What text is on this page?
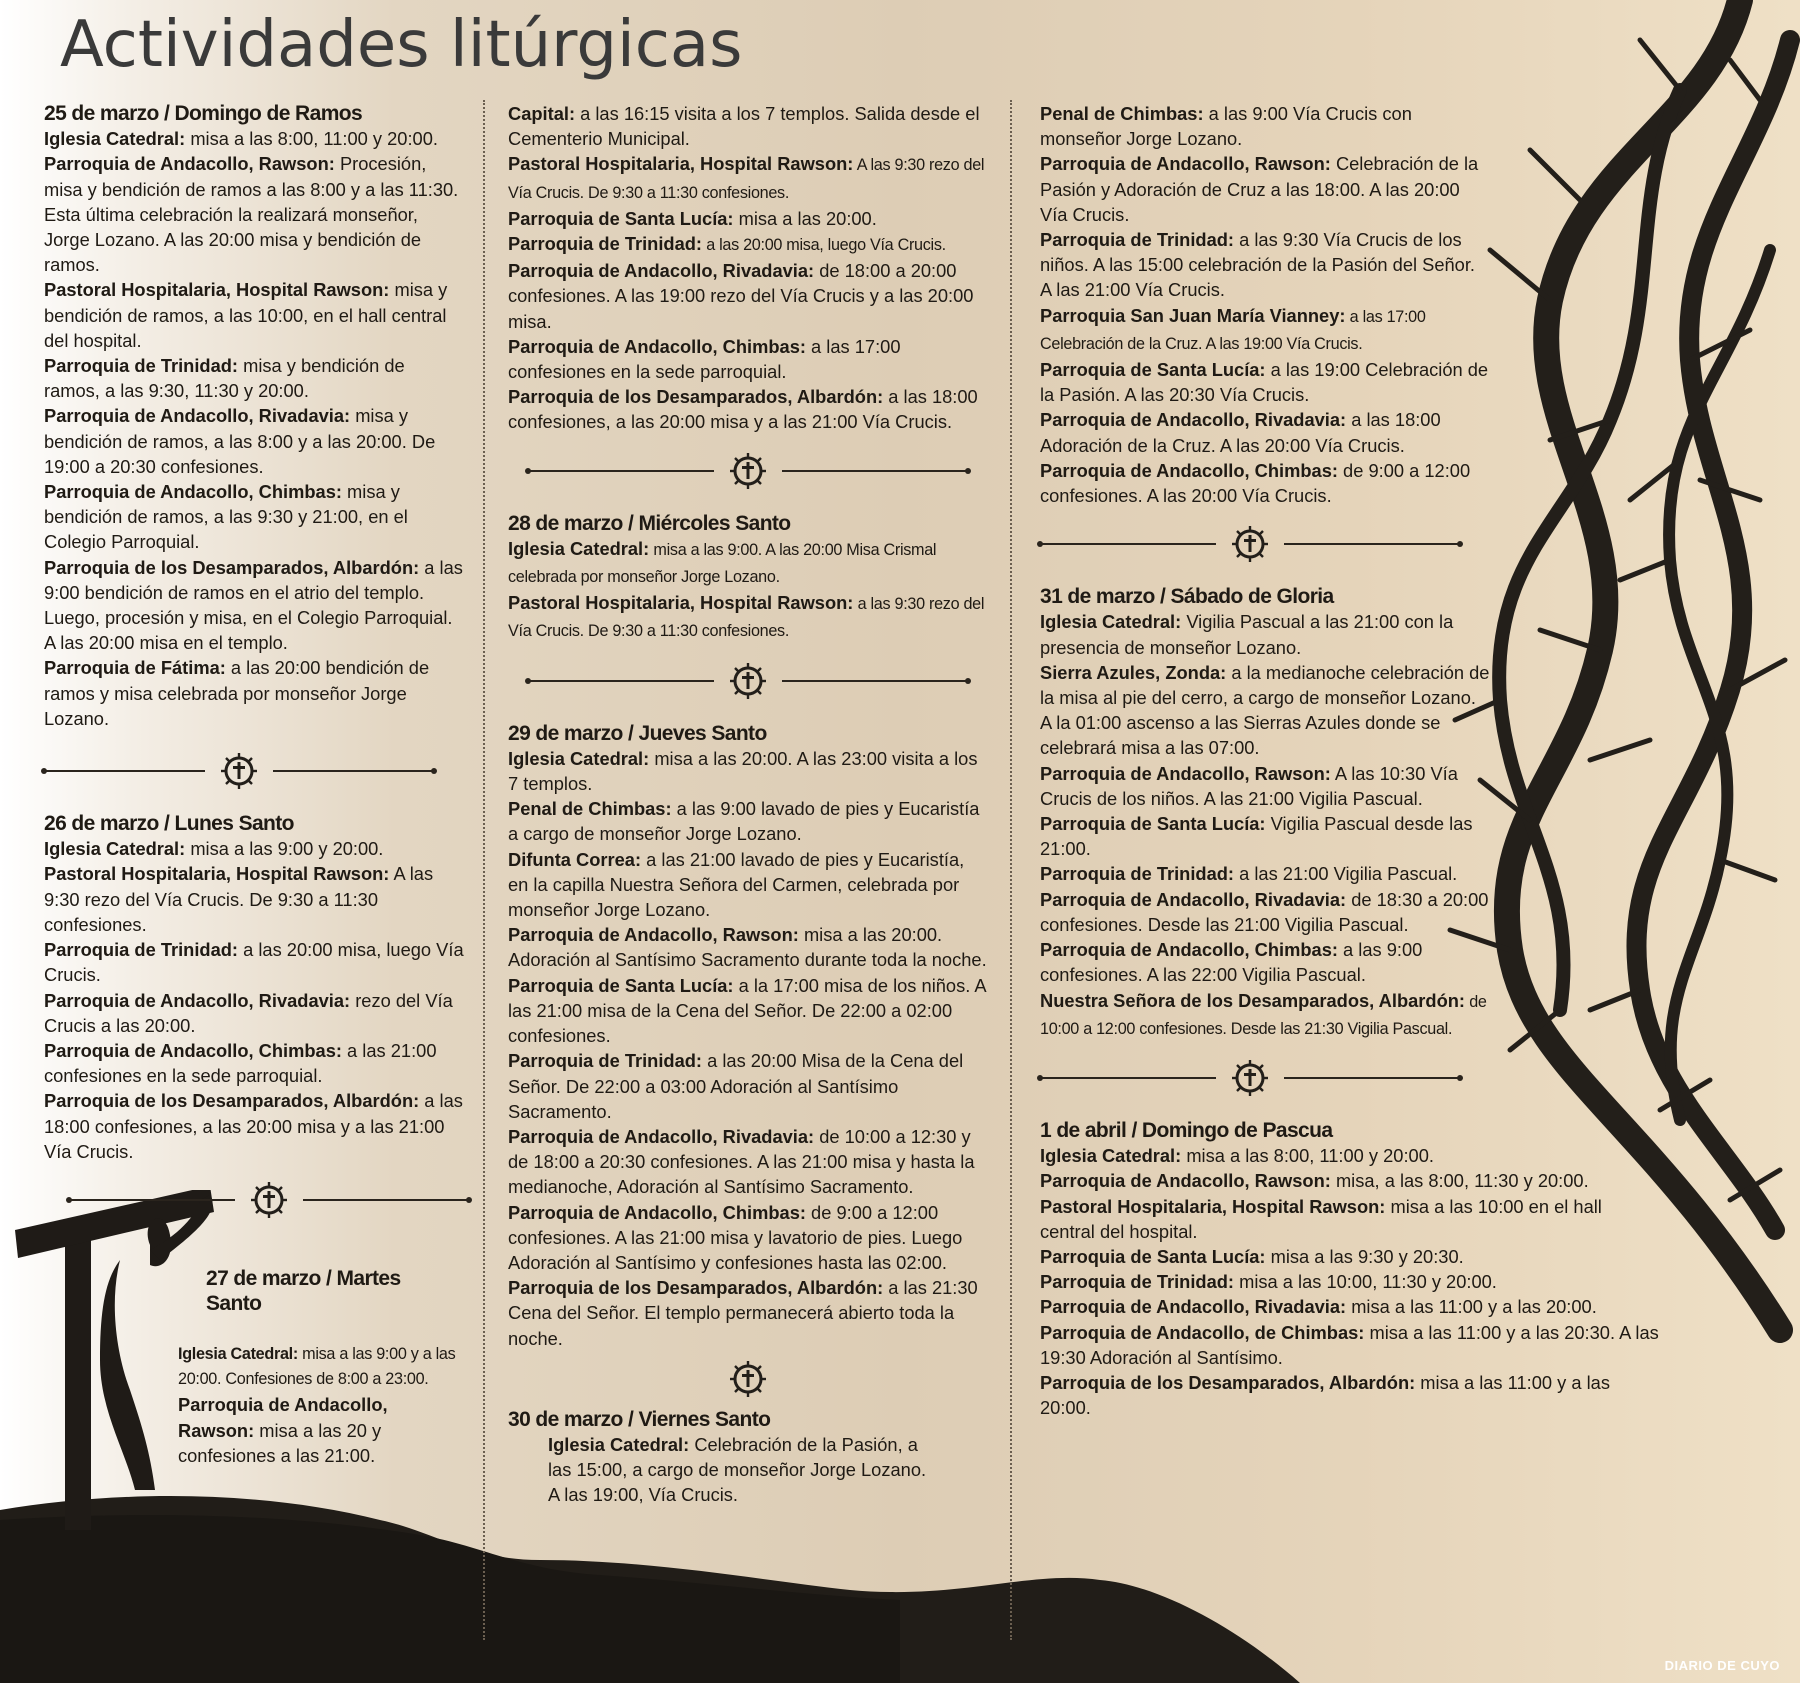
Actividades litúrgicas

25 de marzo / Domingo de Ramos

Iglesia Catedral: misa a las 8:00, 11:00 y 20:00.

Parroquia de Andacollo, Rawson: Procesión, misa y bendición de ramos a las 8:00 y a las 11:30. Esta última celebración la realizará monseñor, Jorge Lozano. A las 20:00 misa y bendición de ramos.

Pastoral Hospitalaria, Hospital Rawson: misa y bendición de ramos, a las 10:00, en el hall central del hospital.

Parroquia de Trinidad: misa y bendición de ramos, a las 9:30, 11:30 y 20:00.

Parroquia de Andacollo, Rivadavia: misa y bendición de ramos, a las 8:00 y a las 20:00. De 19:00 a 20:30 confesiones.

Parroquia de Andacollo, Chimbas: misa y bendición de ramos, a las 9:30 y 21:00, en el Colegio Parroquial.

Parroquia de los Desamparados, Albardón: a las 9:00 bendición de ramos en el atrio del templo. Luego, procesión y misa, en el Colegio Parroquial. A las 20:00 misa en el templo.

Parroquia de Fátima: a las 20:00 bendición de ramos y misa celebrada por monseñor Jorge Lozano.

26 de marzo / Lunes Santo

Iglesia Catedral: misa a las 9:00 y 20:00.

Pastoral Hospitalaria, Hospital Rawson: A las 9:30 rezo del Vía Crucis. De 9:30 a 11:30 confesiones.

Parroquia de Trinidad: a las 20:00 misa, luego Vía Crucis.

Parroquia de Andacollo, Rivadavia: rezo del Vía Crucis a las 20:00.

Parroquia de Andacollo, Chimbas: a las 21:00 confesiones en la sede parroquial.

Parroquia de los Desamparados, Albardón: a las 18:00 confesiones, a las 20:00 misa y a las 21:00 Vía Crucis.

27 de marzo / Martes Santo

Iglesia Catedral: misa a las 9:00 y a las 20:00. Confesiones de 8:00 a 23:00.

Parroquia de Andacollo, Rawson: misa a las 20 y confesiones a las 21:00.

Capital: a las 16:15 visita a los 7 templos. Salida desde el Cementerio Municipal.

Pastoral Hospitalaria, Hospital Rawson: A las 9:30 rezo del Vía Crucis. De 9:30 a 11:30 confesiones.

Parroquia de Santa Lucía: misa a las 20:00.

Parroquia de Trinidad: a las 20:00 misa, luego Vía Crucis.

Parroquia de Andacollo, Rivadavia: de 18:00 a 20:00 confesiones. A las 19:00 rezo del Vía Crucis y a las 20:00 misa.

Parroquia de Andacollo, Chimbas: a las 17:00 confesiones en la sede parroquial.

Parroquia de los Desamparados, Albardón: a las 18:00 confesiones, a las 20:00 misa y a las 21:00 Vía Crucis.

28 de marzo / Miércoles Santo

Iglesia Catedral: misa a las 9:00. A las 20:00 Misa Crismal celebrada por monseñor Jorge Lozano.

Pastoral Hospitalaria, Hospital Rawson: a las 9:30 rezo del Vía Crucis. De 9:30 a 11:30 confesiones.

29 de marzo / Jueves Santo

Iglesia Catedral: misa a las 20:00. A las 23:00 visita a los 7 templos.

Penal de Chimbas: a las 9:00 lavado de pies y Eucaristía a cargo de monseñor Jorge Lozano.

Difunta Correa: a las 21:00 lavado de pies y Eucaristía, en la capilla Nuestra Señora del Carmen, celebrada por monseñor Jorge Lozano.

Parroquia de Andacollo, Rawson: misa a las 20:00. Adoración al Santísimo Sacramento durante toda la noche.

Parroquia de Santa Lucía: a la 17:00 misa de los niños. A las 21:00 misa de la Cena del Señor. De 22:00 a 02:00 confesiones.

Parroquia de Trinidad: a las 20:00 Misa de la Cena del Señor. De 22:00 a 03:00 Adoración al Santísimo Sacramento.

Parroquia de Andacollo, Rivadavia: de 10:00 a 12:30 y de 18:00 a 20:30 confesiones. A las 21:00 misa y hasta la medianoche, Adoración al Santísimo Sacramento.

Parroquia de Andacollo, Chimbas: de 9:00 a 12:00 confesiones. A las 21:00 misa y lavatorio de pies. Luego Adoración al Santísimo y confesiones hasta las 02:00.

Parroquia de los Desamparados, Albardón: a las 21:30 Cena del Señor. El templo permanecerá abierto toda la noche.

30 de marzo / Viernes Santo

Iglesia Catedral: Celebración de la Pasión, a las 15:00, a cargo de monseñor Jorge Lozano. A las 19:00, Vía Crucis.

Penal de Chimbas: a las 9:00 Vía Crucis con monseñor Jorge Lozano.

Parroquia de Andacollo, Rawson: Celebración de la Pasión y Adoración de Cruz a las 18:00. A las 20:00 Vía Crucis.

Parroquia de Trinidad: a las 9:30 Vía Crucis de los niños. A las 15:00 celebración de la Pasión del Señor. A las 21:00 Vía Crucis.

Parroquia San Juan María Vianney: a las 17:00 Celebración de la Cruz. A las 19:00 Vía Crucis.

Parroquia de Santa Lucía: a las 19:00 Celebración de la Pasión. A las 20:30 Vía Crucis.

Parroquia de Andacollo, Rivadavia: a las 18:00 Adoración de la Cruz. A las 20:00 Vía Crucis.

Parroquia de Andacollo, Chimbas: de 9:00 a 12:00 confesiones. A las 20:00 Vía Crucis.

31 de marzo / Sábado de Gloria

Iglesia Catedral: Vigilia Pascual a las 21:00 con la presencia de monseñor Lozano.

Sierra Azules, Zonda: a la medianoche celebración de la misa al pie del cerro, a cargo de monseñor Lozano. A la 01:00 ascenso a las Sierras Azules donde se celebrará misa a las 07:00.

Parroquia de Andacollo, Rawson: A las 10:30 Vía Crucis de los niños. A las 21:00 Vigilia Pascual.

Parroquia de Santa Lucía: Vigilia Pascual desde las 21:00.

Parroquia de Trinidad: a las 21:00 Vigilia Pascual.

Parroquia de Andacollo, Rivadavia: de 18:30 a 20:00 confesiones. Desde las 21:00 Vigilia Pascual.

Parroquia de Andacollo, Chimbas: a las 9:00 confesiones. A las 22:00 Vigilia Pascual.

Nuestra Señora de los Desamparados, Albardón: de 10:00 a 12:00 confesiones. Desde las 21:30 Vigilia Pascual.

1 de abril / Domingo de Pascua

Iglesia Catedral: misa a las 8:00, 11:00 y 20:00.

Parroquia de Andacollo, Rawson: misa, a las 8:00, 11:30 y 20:00.

Pastoral Hospitalaria, Hospital Rawson: misa a las 10:00 en el hall central del hospital.

Parroquia de Santa Lucía: misa a las 9:30 y 20:30.

Parroquia de Trinidad: misa a las 10:00, 11:30 y 20:00.

Parroquia de Andacollo, Rivadavia: misa a las 11:00 y a las 20:00.

Parroquia de Andacollo, de Chimbas: misa a las 11:00 y a las 20:30. A las 19:30 Adoración al Santísimo.

Parroquia de los Desamparados, Albardón: misa a las 11:00 y a las 20:00.

DIARIO DE CUYO
